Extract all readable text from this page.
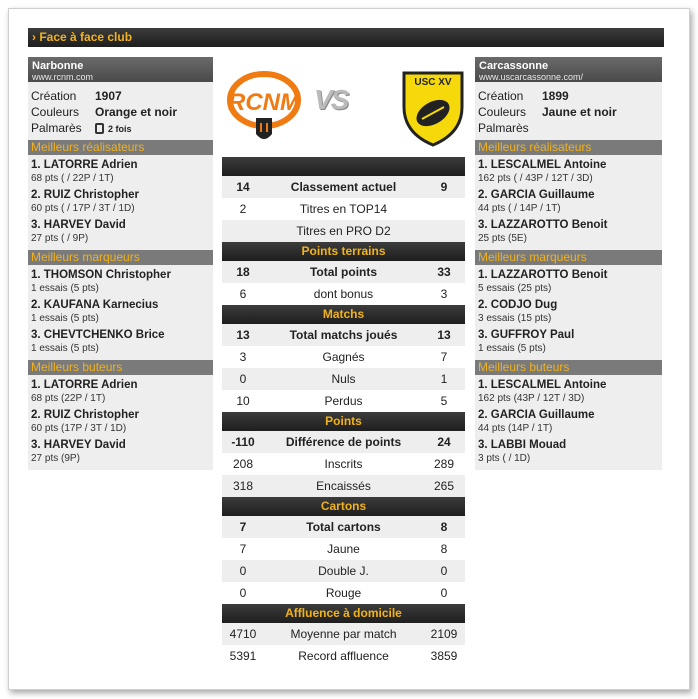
› Face à face club
Narbonne
www.rcnm.com
Création	1907
Couleurs	Orange et noir
Palmarès	2 fois
Meilleurs réalisateurs
1. LATORRE Adrien
68 pts ( / 22P / 1T)
2. RUIZ Christopher
60 pts ( / 17P / 3T / 1D)
3. HARVEY David
27 pts ( / 9P)
Meilleurs marqueurs
1. THOMSON Christopher
1 essais (5 pts)
2. KAUFANA Karnecius
1 essais (5 pts)
3. CHEVTCHENKO Brice
1 essais (5 pts)
Meilleurs buteurs
1. LATORRE Adrien
68 pts (22P / 1T)
2. RUIZ Christopher
60 pts (17P / 3T / 1D)
3. HARVEY David
27 pts (9P)
RCNM VS
USC XV
14	Classement actuel	9
2	Titres en TOP14
Titres en PRO D2
Points terrains
18	Total points	33
6	dont bonus	3
Matchs
13	Total matchs joués	13
3	Gagnés	7
0	Nuls	1
10	Perdus	5
Points
-110	Différence de points	24
208	Inscrits	289
318	Encaissés	265
Cartons
7	Total cartons	8
7	Jaune	8
0	Double J.	0
0	Rouge	0
Affluence à domicile
4710	Moyenne par match	2109
5391	Record affluence	3859
Carcassonne
www.uscarcassonne.com/
Création	1899
Couleurs	Jaune et noir
Palmarès
Meilleurs réalisateurs
1. LESCALMEL Antoine
162 pts ( / 43P / 12T / 3D)
2. GARCIA Guillaume
44 pts ( / 14P / 1T)
3. LAZZAROTTO Benoit
25 pts (5E)
Meilleurs marqueurs
1. LAZZAROTTO Benoit
5 essais (25 pts)
2. CODJO Dug
3 essais (15 pts)
3. GUFFROY Paul
1 essais (5 pts)
Meilleurs buteurs
1. LESCALMEL Antoine
162 pts (43P / 12T / 3D)
2. GARCIA Guillaume
44 pts (14P / 1T)
3. LABBI Mouad
3 pts ( / 1D)
